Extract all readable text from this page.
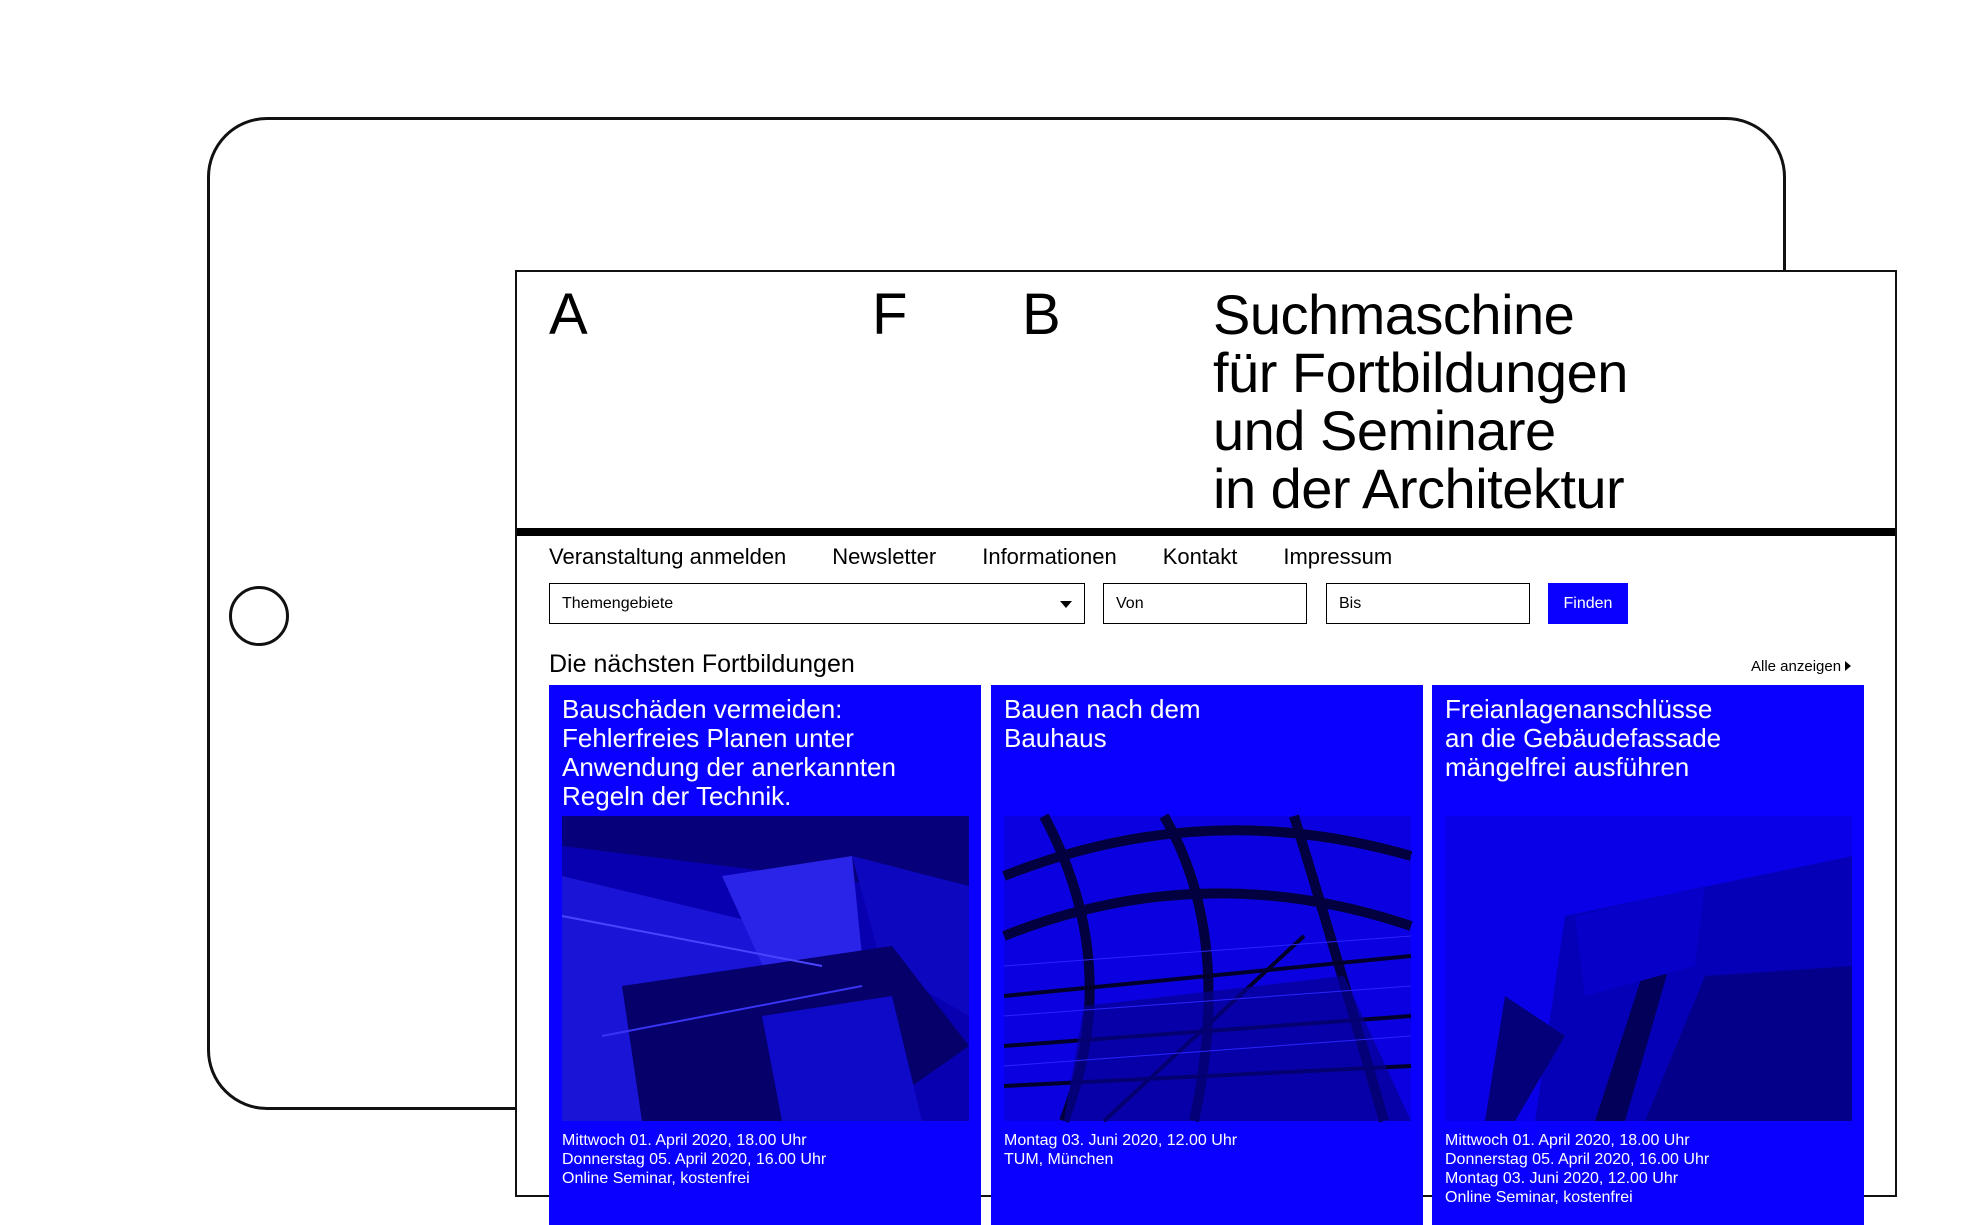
A	F B	Suchmaschine
für Fortbildungen
und Seminare
in der Architektur
Veranstaltung anmelden Newsletter Informationen Kontakt Impressum
Themengebiete	Von	Bis	Finden
Die nächsten Fortbildungen	Alle anzeigen
Bauschäden vermeiden:
Fehlerfreies Planen unter
Anwendung der anerkannten
Regeln der Technik.
Mittwoch 01. April 2020, 18.00 Uhr
Donnerstag 05. April 2020, 16.00 Uhr
Online Seminar, kostenfrei
Bauen nach dem
Bauhaus
Montag 03. Juni 2020, 12.00 Uhr
TUM, München
Freianlagenanschlüsse
an die Gebäudefassade
mängelfrei ausführen
Mittwoch 01. April 2020, 18.00 Uhr
Donnerstag 05. April 2020, 16.00 Uhr
Montag 03. Juni 2020, 12.00 Uhr
Online Seminar, kostenfrei
